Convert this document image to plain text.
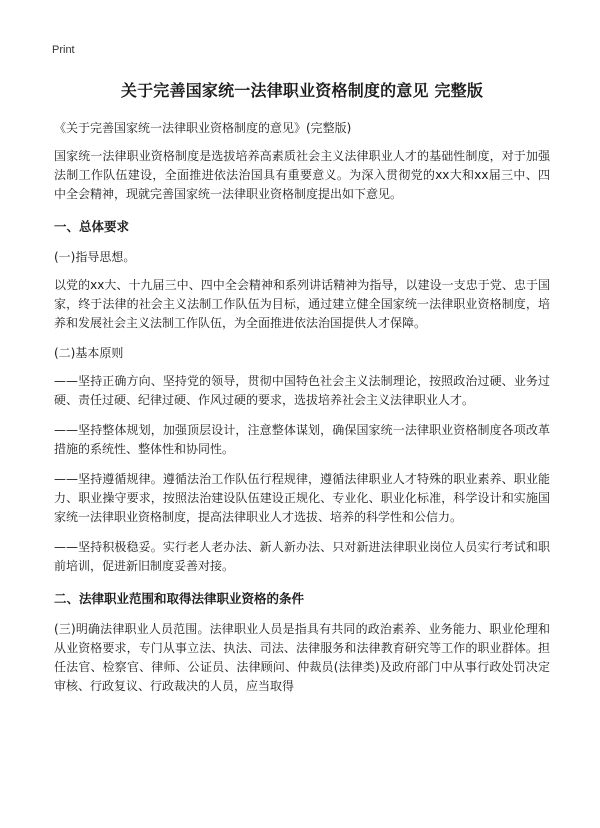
Print
关于完善国家统一法律职业资格制度的意见 完整版
《关于完善国家统一法律职业资格制度的意见》(完整版)

国家统一法律职业资格制度是选拔培养高素质社会主义法律职业人才的基础性制度，对于加强法制工作队伍建设，全面推进依法治国具有重要意义。为深入贯彻党的xx大和xx届三中、四中全会精神，现就完善国家统一法律职业资格制度提出如下意见。

一、总体要求
(一)指导思想。

以党的xx大、十九届三中、四中全会精神和系列讲话精神为指导，以建设一支忠于党、忠于国家，终于法律的社会主义法制工作队伍为目标，通过建立健全国家统一法律职业资格制度，培养和发展社会主义法制工作队伍，为全面推进依法治国提供人才保障。

(二)基本原则

——坚持正确方向、坚持党的领导，贯彻中国特色社会主义法制理论，按照政治过硬、业务过硬、责任过硬、纪律过硬、作风过硬的要求，选拔培养社会主义法律职业人才。

——坚持整体规划，加强顶层设计，注意整体谋划，确保国家统一法律职业资格制度各项改革措施的系统性、整体性和协同性。

——坚持遵循规律。遵循法治工作队伍行程规律，遵循法律职业人才特殊的职业素养、职业能力、职业操守要求，按照法治建设队伍建设正规化、专业化、职业化标准，科学设计和实施国家统一法律职业资格制度，提高法律职业人才选拔、培养的科学性和公信力。

——坚持积极稳妥。实行老人老办法、新人新办法、只对新进法律职业岗位人员实行考试和职前培训，促进新旧制度妥善对接。

二、法律职业范围和取得法律职业资格的条件

(三)明确法律职业人员范围。法律职业人员是指具有共同的政治素养、业务能力、职业伦理和从业资格要求，专门从事立法、执法、司法、法律服务和法律教育研究等工作的职业群体。担任法官、检察官、律师、公证员、法律顾问、仲裁员(法律类)及政府部门中从事行政处罚决定审核、行政复议、行政裁决的人员，应当取得
